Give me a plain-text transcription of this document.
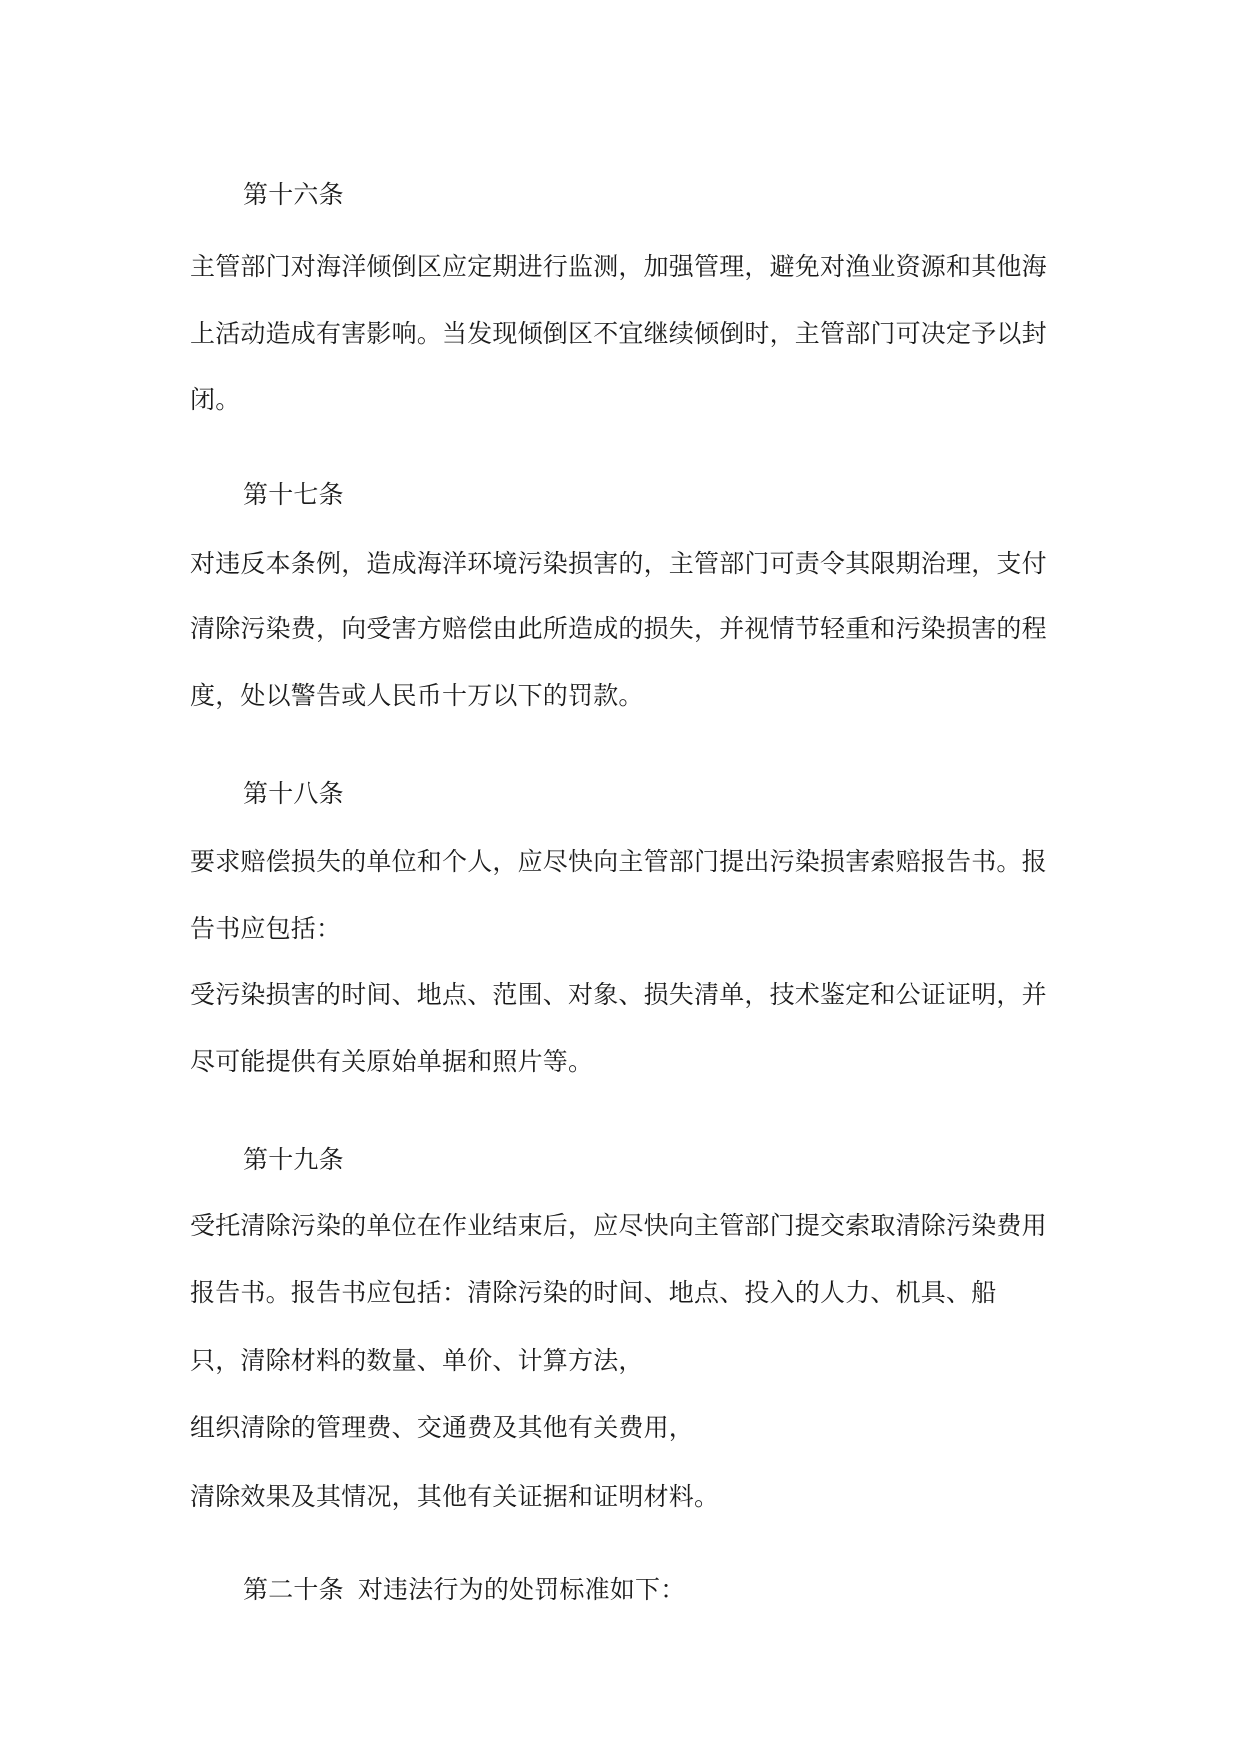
第十六条
主管部门对海洋倾倒区应定期进行监测，加强管理，避免对渔业资源和其他海
上活动造成有害影响。当发现倾倒区不宜继续倾倒时，主管部门可决定予以封
闭。
第十七条
对违反本条例，造成海洋环境污染损害的，主管部门可责令其限期治理，支付
清除污染费，向受害方赔偿由此所造成的损失，并视情节轻重和污染损害的程
度，处以警告或人民币十万以下的罚款。
第十八条
要求赔偿损失的单位和个人，应尽快向主管部门提出污染损害索赔报告书。报
告书应包括：
受污染损害的时间、地点、范围、对象、损失清单，技术鉴定和公证证明，并
尽可能提供有关原始单据和照片等。
第十九条
受托清除污染的单位在作业结束后，应尽快向主管部门提交索取清除污染费用
报告书。报告书应包括：清除污染的时间、地点、投入的人力、机具、船
只，清除材料的数量、单价、计算方法，
组织清除的管理费、交通费及其他有关费用，
清除效果及其情况，其他有关证据和证明材料。
第二十条 对违法行为的处罚标准如下：
